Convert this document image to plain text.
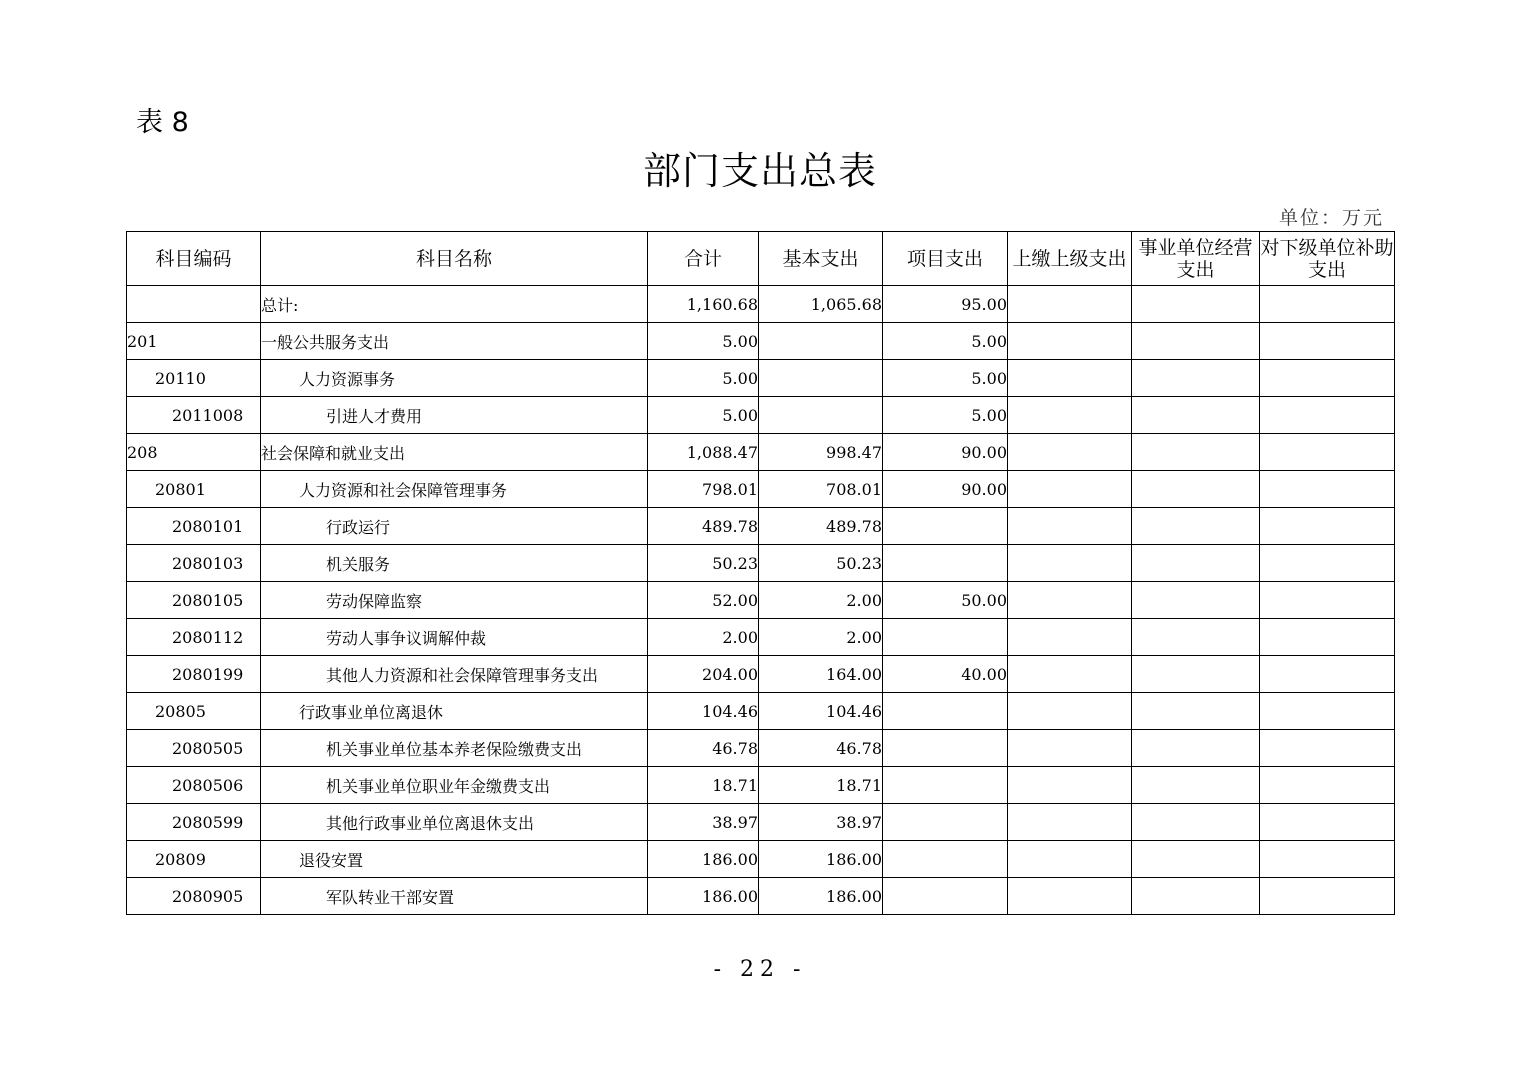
表 8
部门支出总表
单位：万元
科目编码	科目名称	合计	基本支出	项目支出	上缴上级支出	事业单位经营支出	对下级单位补助支出
	总计:	1,160.68	1,065.68	95.00			
201	一般公共服务支出	5.00		5.00			
20110	人力资源事务	5.00		5.00			
2011008	引进人才费用	5.00		5.00			
208	社会保障和就业支出	1,088.47	998.47	90.00			
20801	人力资源和社会保障管理事务	798.01	708.01	90.00			
2080101	行政运行	489.78	489.78				
2080103	机关服务	50.23	50.23				
2080105	劳动保障监察	52.00	2.00	50.00			
2080112	劳动人事争议调解仲裁	2.00	2.00				
2080199	其他人力资源和社会保障管理事务支出	204.00	164.00	40.00			
20805	行政事业单位离退休	104.46	104.46				
2080505	机关事业单位基本养老保险缴费支出	46.78	46.78				
2080506	机关事业单位职业年金缴费支出	18.71	18.71				
2080599	其他行政事业单位离退休支出	38.97	38.97				
20809	退役安置	186.00	186.00				
2080905	军队转业干部安置	186.00	186.00				
- 22 -
